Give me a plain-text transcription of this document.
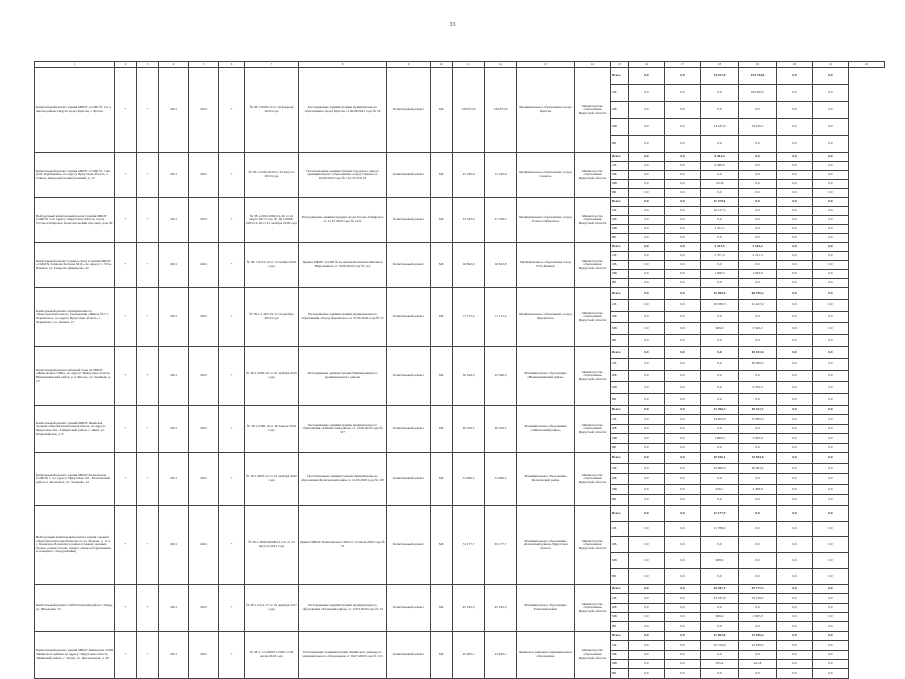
33
1	2	3	4	5	6	7	8	9	10	11	12	13	14	15	16	17	18	19	20	21	22
Капитальный ремонт здания МБОУ «СОШ № 15» в жилом районе Падун города Братска, г. Братск	+	+	2021	2022	+	№ 38-1-0186-19 от 19 февраля 2020 года	Распоряжение администрации муниципального образования города Братска от 06.08.2021 года № 18	Капитальный ремонт	МС	220 673,6	126 873,6	Муниципальное образование города Братска	Министерство образования Иркутской области	Всего	0,0	0,0	14 427,0	154 744,8	0,0	0,0	
														ОБ	0,0	0,0	0,0	100 494,7	0,0	0,0	
														ФБ	0,0	0,0	0,0	0,0	0,0	0,0	
														МБ	0,0	0,0	14 427,0	54 250,1	0,0	0,0	
														ВБ	0,0	0,0	0,0	0,0	0,0	0,0	
Капитальный ремонт здания МБОУ «СОШ № 1 им. Д.М. Карбышева» по адресу Иркутская область, г. Саянск, микрорайон Центральный, д. 10	+	+	2021	2022	+	№ 38-1-0190-2019 от 23 августа 2019 года	Постановление администрации городского округа муниципального образования «город Саянск» от 04.09.2019 года № 110-37-976-19	Капитальный ремонт	МС	25 190,6	15 166,6	Муниципальное образование «город Саянск»	Министерство образования Иркутской области	Всего	0,0	0,0	6 961,4	0,0	0,0	0,0	
														ОБ	0,0	0,0	6 269,6	0,0	0,0	0,0	
														ФБ	0,0	0,0	0,0	0,0	0,0	0,0	
														МБ	0,0	0,0	741,8	0,0	0,0	0,0	
														ВБ	0,0	0,0	0,0	0,0	0,0	0,0	
Выборочный капитальный ремонт здания МБОУ СОШ № 3 по адресу: Иркутская область, город Усолье-Сибирское, Комсомольский проспект, дом 46	+	+	2021	2022	+	№ 38-1-0061-0002/12-20 от 24 марта 2017 года, № 38-1-0008-0003/12-18 от 25 октября 2018 года	Распоряжение администрации города Усолье-Сибирское от 21.07.2020 года № 1232	Капитальный ремонт	МС	31 343,6	21 769,5	Муниципальное образование «город Усолье-Сибирское»	Министерство образования Иркутской области	Всего	0,0	0,0	11 379,0	0,0	0,0	0,0	
														ОБ	0,0	0,0	10 127,3	0,0	0,0	0,0	
														ФБ	0,0	0,0	0,0	0,0	0,0	0,0	
														МБ	0,0	0,0	1 251,7	0,0	0,0	0,0	
														ВБ	0,0	0,0	0,0	0,0	0,0	0,0	
Капитальный ремонт (замена окон) в здании МБОУ «СОШ № 6 имени Хохлова М.Д.» по адресу: г. Усть-Илимск, ул. Генерала Димитрова, 32	+	+	2021	2022	+	№ 38-1-0213-19 от 13 ноября 2019 года	Приказ МБОУ «СОШ № 6» имени Блохинова Михаила Николаевича от 14.08.2020 года № 112	Капитальный ремонт	МС	16 692,9	16 623,8	Муниципальное образование город Усть-Илимск	Министерство образования Иркутской области	Всего	0,0	0,0	3 313,5	3 544,2	0,0	0,0	
														ОБ	0,0	0,0	2 377,2	2 231,3	0,0	0,0	
														ФБ	0,0	0,0	0,0	0,0	0,0	0,0	
														МБ	0,0	0,0	1 006,3	1 002,9	0,0	0,0	
														ВБ	0,0	0,0	0,0	0,0	0,0	0,0	
Капитальный ремонт муниципального общеобразовательного учреждения «Школа № 5 г. Черемхово», по адресу Иркутская область, г. Черемхово, ул. Ленина, 15	+	+	2021	2022	+	№ 38-1-1-265-19 от 19 декабря 2019 года	Распоряжение администрации муниципального образования «Город Черемхово» от 27.06.2020 года № 57	Капитальный ремонт	МС	77 175,4	71 175,4	Муниципальное образование «город Черемхово»	Министерство образования Иркутской области	Всего	0,0	0,0	10 969,6	66 790,2	0,0	0,0	
														ОБ	0,0	0,0	10 030,3	61 447,0	0,0	0,0	
														ФБ	0,0	0,0	0,0	0,0	0,0	0,0	
														МБ	0,0	0,0	969,6	5 343,2	0,0	0,0	
														ВБ	0,0	0,0	0,0	0,0	0,0	0,0	
Капитальный ремонт пищевой базы на МБОУ «Никольская СОШ», по адресу: Иркутская область, Нижнеилимский район, р.п. Янгель, ул. Зелёный, д. 19	+	+	2021	2022	+	№ 38-1-0200-19 от 10 октября 2019 года	Распоряжение администрации Нижнеилимского муниципального района	Капитальный ремонт	МС	30 344,3	22 366,3	Муниципальное образование «Нижнеилимский район»	Министерство образования Иркутской области	Всего	0,0	0,0	0,0	40 181,6	0,0	0,0	
														ОБ	0,0	0,0	0,0	36 406,3	0,0	0,0	
														ФБ	0,0	0,0	0,0	0,0	0,0	0,0	
														МБ	0,0	0,0	0,0	4 765,3	0,0	0,0	
														ВБ	0,0	0,0	0,0	0,0	0,0	0,0	
Капитальный ремонт зданий МБОУ Икейская средняя общеобразовательная школа, по адресу: Иркутская обл., Тайшетский район, с. Икей, ул. Первомайская, д. 8	+	+	2021	2022	+	№ 38-1-0396-19 от 26 апреля 2019 года	Распоряжение администрации муниципального образования «Тайшетский район» от 14.06.2020 года № 317	Капитальный ремонт	МС	40 356,3	40 356,3	Муниципальное образование «Тайшетский район»	Министерство образования Иркутской области	Всего	0,0	0,0	21 496,3	40 421,7	0,0	0,0	
														ОБ	0,0	0,0	19 603,0	37 965,5	0,0	0,0	
														ФБ	0,0	0,0	0,0	0,0	0,0	0,0	
														МБ	0,0	0,0	1 894,3	3 002,0	0,0	0,0	
														ВБ	0,0	0,0	0,0	0,0	0,0	0,0	
Капитальный ремонт здания МБОУ Балаганская СОШ № 1, по адресу: Иркутская обл., Балаганский район, п. Балаганск, ул. Лазарева, 12	+	+	2021	2022	+	№ 38-1-0879-15 от 25 октября 2020 года	Постановление администрации муниципального образования Балаганский район от 14.05.2020 года № 167	Капитальный ремонт	МС	51 006,5	51 006,5	Муниципальное образование Балаганский район	Министерство образования Иркутской области	Всего	0,0	0,0	10 936,1	43 563,0	0,0	0,0	
														ОБ	0,0	0,0	10 000,0	40 063,4	0,0	0,0	
														ФБ	0,0	0,0	0,0	0,0	0,0	0,0	
														МБ	0,0	0,0	936,1	3 499,6	0,0	0,0	
														ВБ	0,0	0,0	0,0	0,0	0,0	0,0	
Выборочный капитальный ремонт здания средней общеобразовательной школы по ул. Фурова, д. 11 в с. Кошелево Боханского района (замена оконных блоков, ремонт полов, замена электрооборудования и пожарного оборудования)	+	+	2021	2022	+	№ 38-1-0009-000004/11-21 от 23 августа 2021 года	Приказ МБОУ Кошелевская СОШ от 12 июля 2020 года № 35	Капитальный ремонт	МС	74 177,7	65 177,7	Муниципальное образование «Боханский район» Иркутская область	Министерство образования Иркутской области	Всего	0,0	0,0	12 177,9	0,0	0,0	0,0	
														ОБ	0,0	0,0	11 789,0	0,0	0,0	0,0	
														ФБ	0,0	0,0	0,0	0,0	0,0	0,0	
														МБ	0,0	0,0	608,9	0,0	0,0	0,0	
														ВБ	0,0	0,0	0,0	0,0	0,0	0,0	
Капитальный ремонт СОШ Еланский район г. Уяндр, ул. Школьная, 33	+	+	2021	2022	+	№ 38-1-0114-17 от 19 декабря 2017 года	Распоряжение администрации муниципального образования «Еланский район» от 12.03.2020 года № 13	Капитальный ремонт	МС	67 242,5	67 242,5	Муниципальное образование Еланский район	Министерство образования Иркутской области	Всего	0,0	0,0	29 387,5	35 777,2	0,0	0,0	
														ОБ	0,0	0,0	23 337,6	34 759,3	0,0	0,0	
														ФБ	0,0	0,0	0,0	0,0	0,0	0,0	
														МБ	0,0	0,0	699,4	1 997,9	0,0	0,0	
														ВБ	0,0	0,0	0,0	0,0	0,0	0,0	
Капитальный ремонт здания МБОУ Зиминская СОШ Зиминского района по адресу: Иркутская область, Зиминский район, с. Хазан, ул. Центральная, д. 28	+	+	2021	2022	+	№ 38-1-1-3-026071-2020 от 06 июля 2020 года	Распоряжение Администрации Зиминского районного муниципального образования от 16.07.2020 года № 119	Капитальный ремонт	МС	25 005,1	23 943,1	Зиминское районное муниципальное образование	Министерство образования Иркутской области	Всего	0,0	0,0	11 822,6	13 440,4	0,0	0,0	
														ОБ	0,0	0,0	10 724,0	12 039,5	0,0	0,0	
														ФБ	0,0	0,0	0,0	0,0	0,0	0,0	
														МБ	0,0	0,0	595,4	421,8	0,0	0,0	
														ВБ	0,0	0,0	0,0	0,0	0,0	0,0	
